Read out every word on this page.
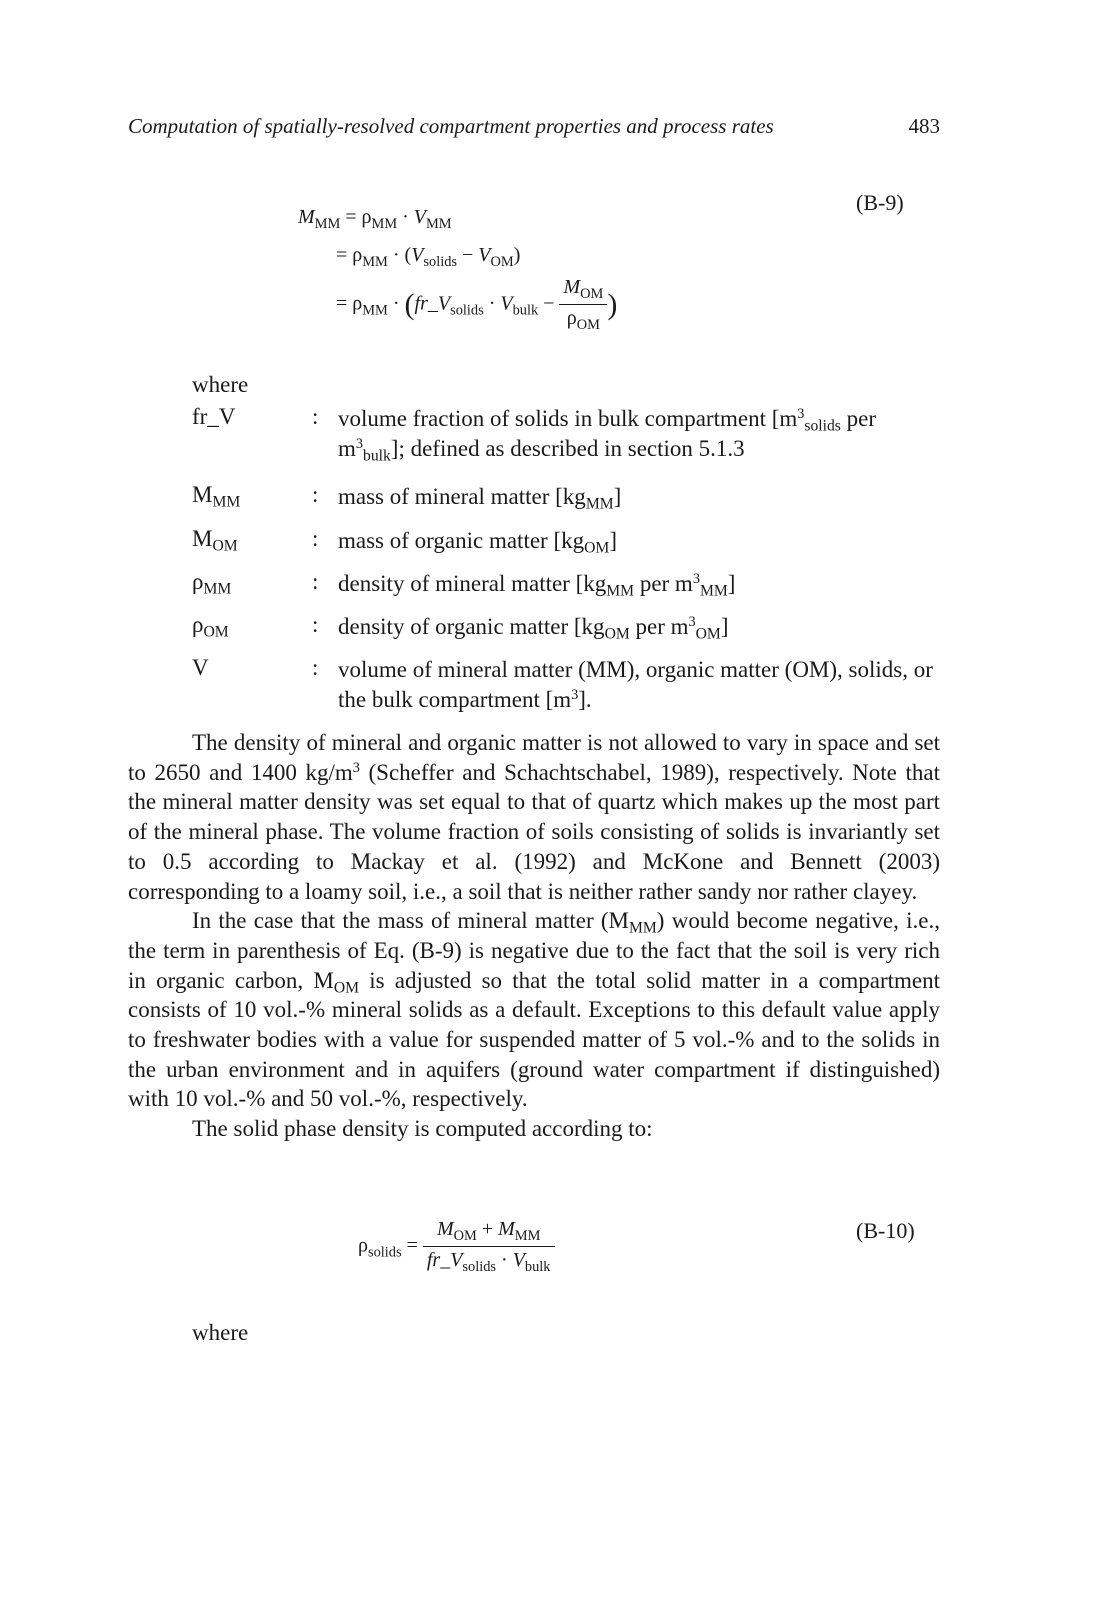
Computation of spatially-resolved compartment properties and process rates	483
$M_{MM} = \rho_{MM} \cdot V_{MM}$
= $\rho_{MM} \cdot (V_{solids} - V_{OM})$
= $\rho_{MM}$ · ($fr\_V_{solids} \cdot V_{bulk} - \frac{M_{OM}}{\rho_{OM}}$ )
(B-9)
where
fr_V	: volume fraction of solids in bulk compartment [$m^3_{solids}$ per $m^3_{bulk}$]; defined as described in section 5.1.3
$M_{MM}$	: mass of mineral matter $[kg_{MM}]$
$M_{OM}$	: mass of organic matter $[kg_{OM}]$
$\rho_{MM}$	: density of mineral matter [$kg_{MM}$ per $m^3_{MM}$]
$\rho_{OM}$	: density of organic matter [$kg_{OM}$ per $m^3_{OM}$]
V	: volume of mineral matter (MM), organic matter (OM), solids, or the bulk compartment $[m^3]$.

The density of mineral and organic matter is not allowed to vary in space and set to 2650 and 1400 $kg/m^3$ (Scheffer and Schachtschabel, 1989), respectively. Note that the mineral matter density was set equal to that of quartz which makes up the most part of the mineral phase. The volume fraction of soils consisting of solids is invariantly set to 0.5 according to Mackay et al. (1992) and McKone and Bennett (2003) corresponding to a loamy soil, i.e., a soil that is neither rather sandy nor rather clayey.

In the case that the mass of mineral matter $(M_{MM})$ would become negative, i.e., the term in parenthesis of Eq. (B-9) is negative due to the fact that the soil is very rich in organic carbon, $M_{OM}$ is adjusted so that the total solid matter in a compartment consists of 10 vol.-% mineral solids as a default. Exceptions to this default value apply to freshwater bodies with a value for suspended matter of 5 vol.-% and to the solids in the urban environment and in aquifers (ground water compartment if distinguished) with 10 vol.-% and 50 vol.-%, respectively.

The solid phase density is computed according to:

$\rho_{solids} = \frac{M_{OM} + M_{MM}}{fr\_V_{solids} \cdot V_{bulk}}$	(B-10)
where
